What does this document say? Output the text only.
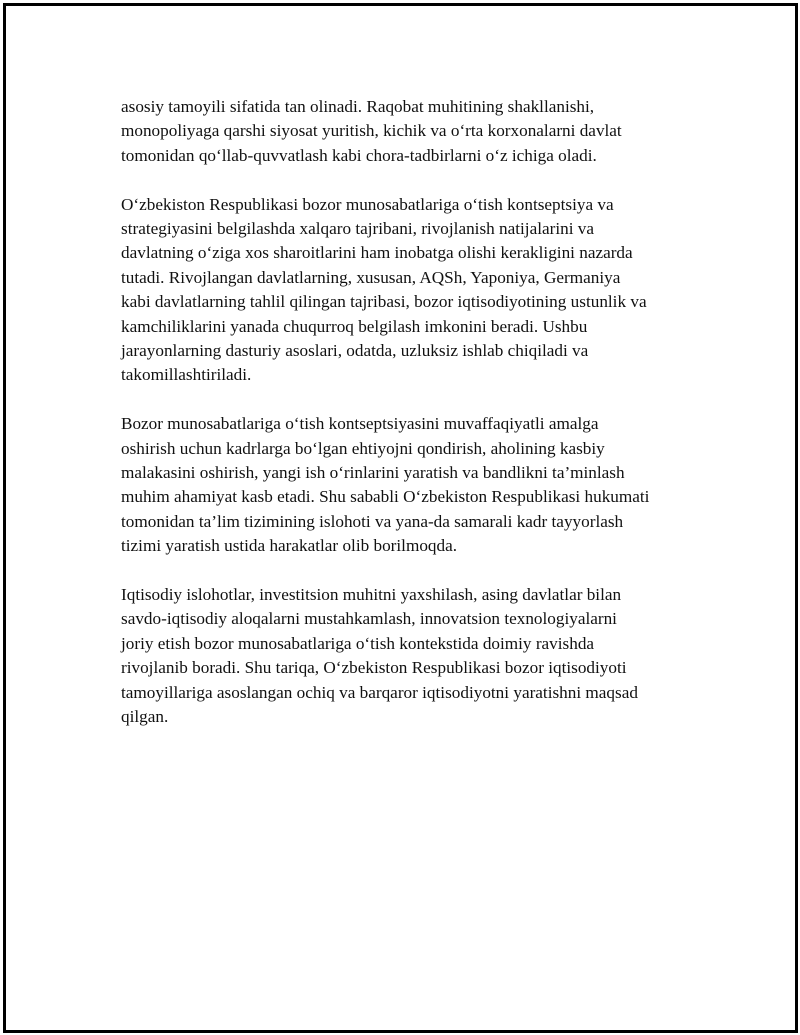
asosiy tamoyili sifatida tan olinadi. Raqobat muhitining shakllanishi,
monopoliyaga qarshi siyosat yuritish, kichik va o‘rta korxonalarni davlat
tomonidan qo‘llab-quvvatlash kabi chora-tadbirlarni o‘z ichiga oladi.

O‘zbekiston Respublikasi bozor munosabatlariga o‘tish kontseptsiya va
strategiyasini belgilashda xalqaro tajribani, rivojlanish natijalarini va
davlatning o‘ziga xos sharoitlarini ham inobatga olishi kerakligini nazarda
tutadi. Rivojlangan davlatlarning, xususan, AQSh, Yaponiya, Germaniya
kabi davlatlarning tahlil qilingan tajribasi, bozor iqtisodiyotining ustunlik va
kamchiliklarini yanada chuqurroq belgilash imkonini beradi. Ushbu
jarayonlarning dasturiy asoslari, odatda, uzluksiz ishlab chiqiladi va
takomillashtiriladi.

Bozor munosabatlariga o‘tish kontseptsiyasini muvaffaqiyatli amalga
oshirish uchun kadrlarga bo‘lgan ehtiyojni qondirish, aholining kasbiy
malakasini oshirish, yangi ish o‘rinlarini yaratish va bandlikni ta’minlash
muhim ahamiyat kasb etadi. Shu sababli O‘zbekiston Respublikasi hukumati
tomonidan ta’lim tizimining islohoti va yana-da samarali kadr tayyorlash
tizimi yaratish ustida harakatlar olib borilmoqda.

Iqtisodiy islohotlar, investitsion muhitni yaxshilash, asing davlatlar bilan
savdo-iqtisodiy aloqalarni mustahkamlash, innovatsion texnologiyalarni
joriy etish bozor munosabatlariga o‘tish kontekstida doimiy ravishda
rivojlanib boradi. Shu tariqa, O‘zbekiston Respublikasi bozor iqtisodiyoti
tamoyillariga asoslangan ochiq va barqaror iqtisodiyotni yaratishni maqsad
qilgan.
